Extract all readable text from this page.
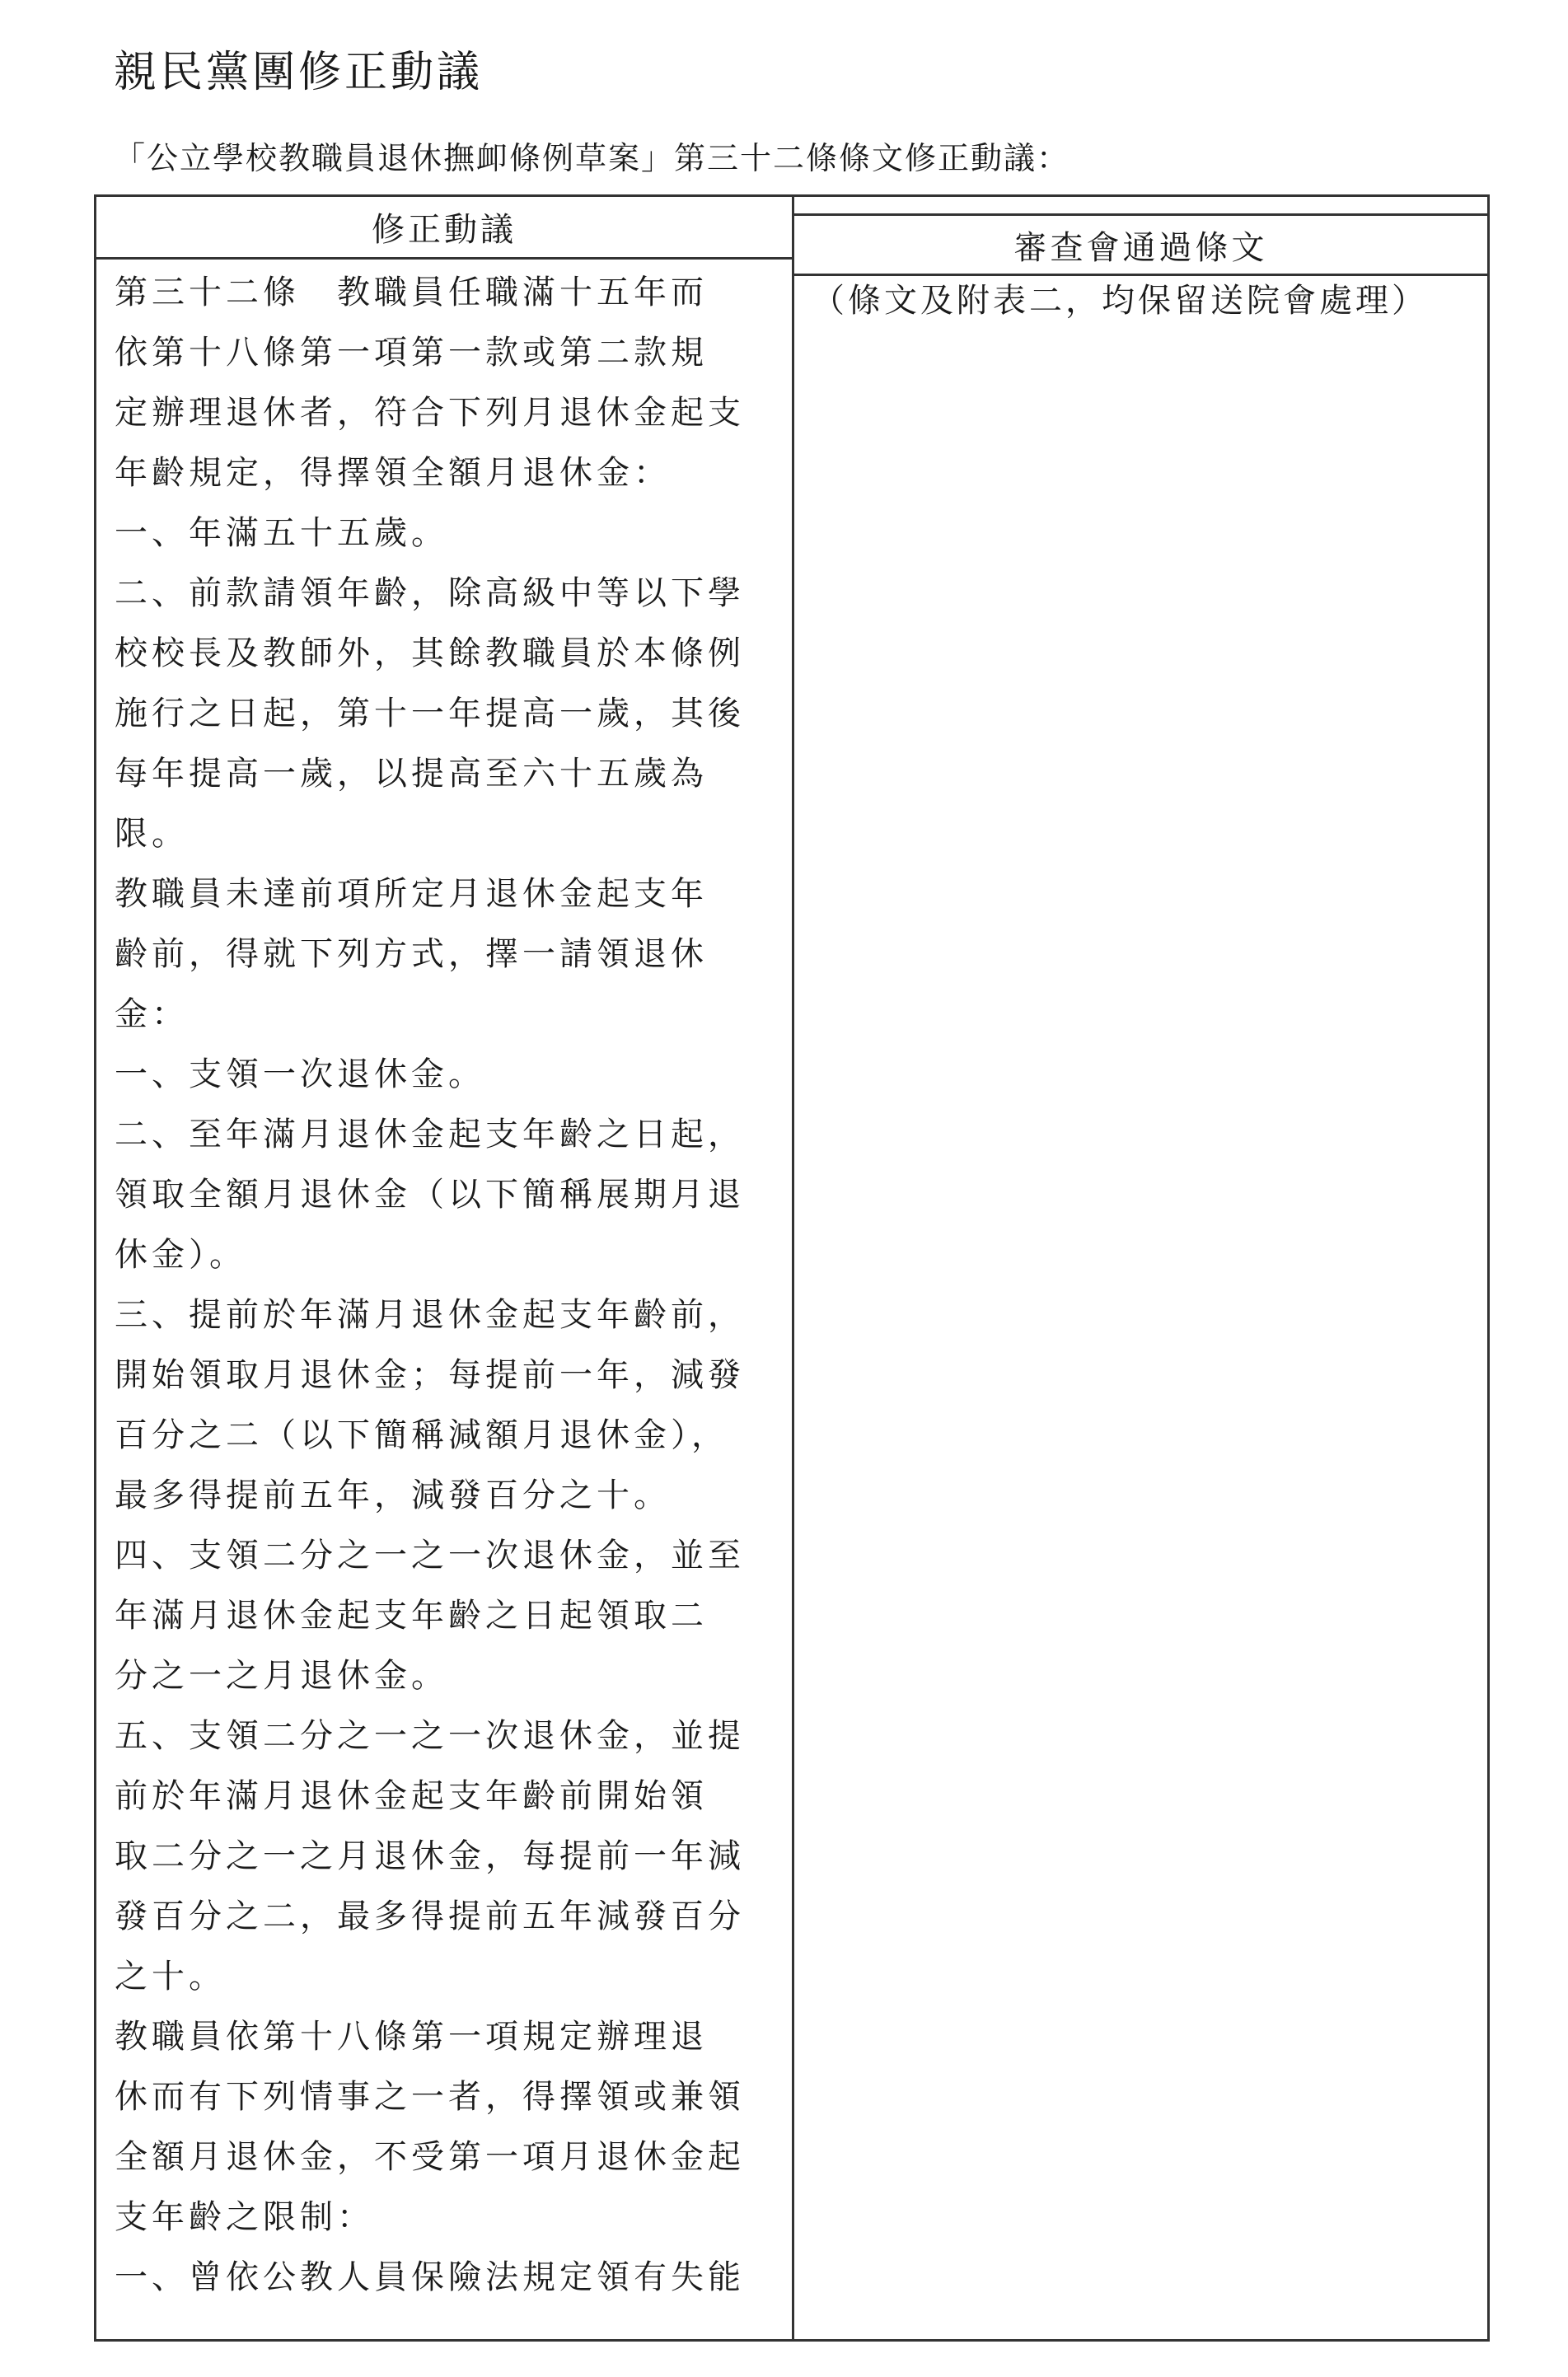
親民黨團修正動議
「公立學校教職員退休撫卹條例草案」第三十二條條文修正動議：
修正動議	審查會通過條文
第三十二條　教職員任職滿十五年而
依第十八條第一項第一款或第二款規
定辦理退休者，符合下列月退休金起支
年齡規定，得擇領全額月退休金：
一、年滿五十五歲。
二、前款請領年齡，除高級中等以下學
校校長及教師外，其餘教職員於本條例
施行之日起，第十一年提高一歲，其後
每年提高一歲，以提高至六十五歲為
限。
教職員未達前項所定月退休金起支年
齡前，得就下列方式，擇一請領退休
金：
一、支領一次退休金。
二、至年滿月退休金起支年齡之日起，
領取全額月退休金（以下簡稱展期月退
休金）。
三、提前於年滿月退休金起支年齡前，
開始領取月退休金；每提前一年，減發
百分之二（以下簡稱減額月退休金），
最多得提前五年，減發百分之十。
四、支領二分之一之一次退休金，並至
年滿月退休金起支年齡之日起領取二
分之一之月退休金。
五、支領二分之一之一次退休金，並提
前於年滿月退休金起支年齡前開始領
取二分之一之月退休金，每提前一年減
發百分之二，最多得提前五年減發百分
之十。
教職員依第十八條第一項規定辦理退
休而有下列情事之一者，得擇領或兼領
全額月退休金，不受第一項月退休金起
支年齡之限制：
一、曾依公教人員保險法規定領有失能
（條文及附表二，均保留送院會處理）
